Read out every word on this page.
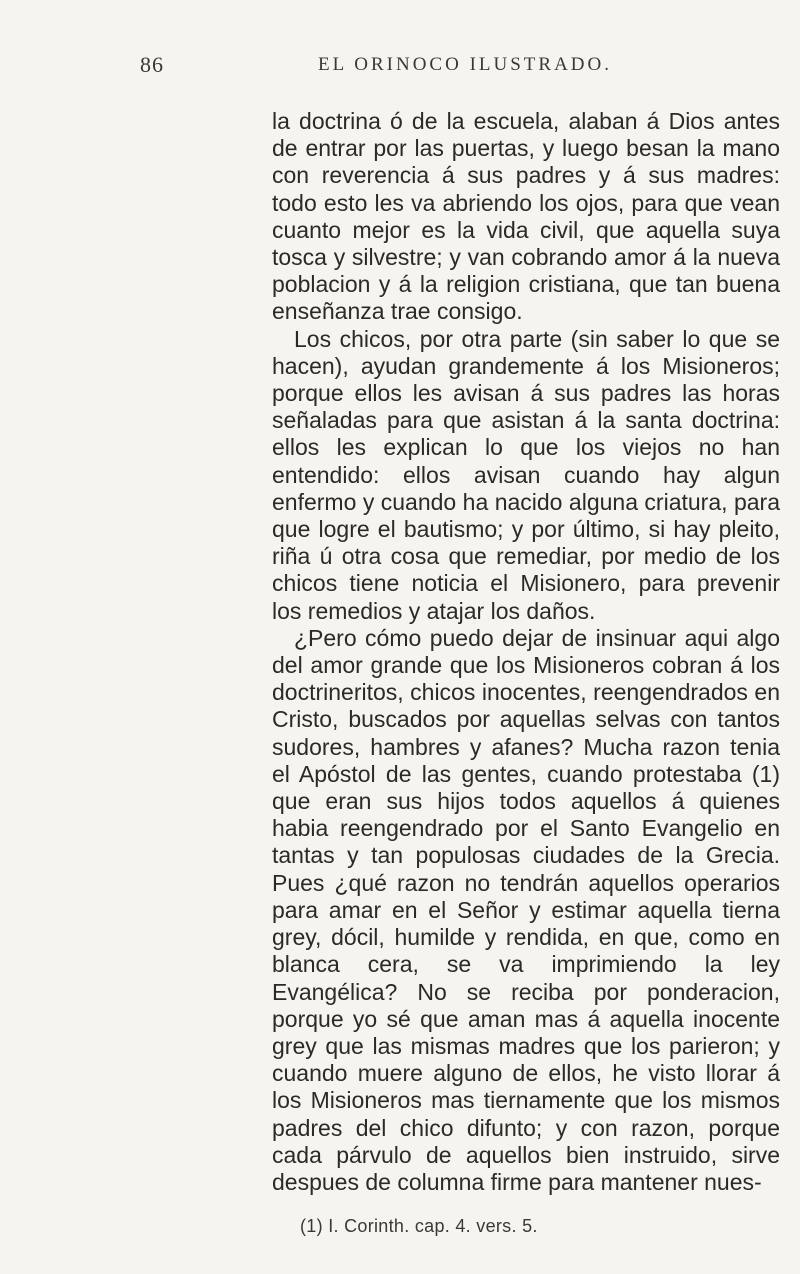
86	EL ORINOCO ILUSTRADO.

la doctrina ó de la escuela, alaban á Dios antes de entrar por las puertas, y luego besan la mano con reverencia á sus padres y á sus madres: todo esto les va abriendo los ojos, para que vean cuanto mejor es la vida civil, que aquella suya tosca y silvestre; y van cobrando amor á la nueva poblacion y á la religion cristiana, que tan buena enseñanza trae consigo.

Los chicos, por otra parte (sin saber lo que se hacen), ayudan grandemente á los Misioneros; porque ellos les avisan á sus padres las horas señaladas para que asistan á la santa doctrina: ellos les explican lo que los viejos no han entendido: ellos avisan cuando hay algun enfermo y cuando ha nacido alguna criatura, para que logre el bautismo; y por último, si hay pleito, riña ú otra cosa que remediar, por medio de los chicos tiene noticia el Misionero, para prevenir los remedios y atajar los daños.

¿Pero cómo puedo dejar de insinuar aqui algo del amor grande que los Misioneros cobran á los doctrineritos, chicos inocentes, reengendrados en Cristo, buscados por aquellas selvas con tantos sudores, hambres y afanes? Mucha razon tenia el Apóstol de las gentes, cuando protestaba (1) que eran sus hijos todos aquellos á quienes habia reengendrado por el Santo Evangelio en tantas y tan populosas ciudades de la Grecia. Pues ¿qué razon no tendrán aquellos operarios para amar en el Señor y estimar aquella tierna grey, dócil, humilde y rendida, en que, como en blanca cera, se va imprimiendo la ley Evangélica? No se reciba por ponderacion, porque yo sé que aman mas á aquella inocente grey que las mismas madres que los parieron; y cuando muere alguno de ellos, he visto llorar á los Misioneros mas tiernamente que los mismos padres del chico difunto; y con razon, porque cada párvulo de aquellos bien instruido, sirve despues de columna firme para mantener nues-

(1) I. Corinth. cap. 4. vers. 5.
